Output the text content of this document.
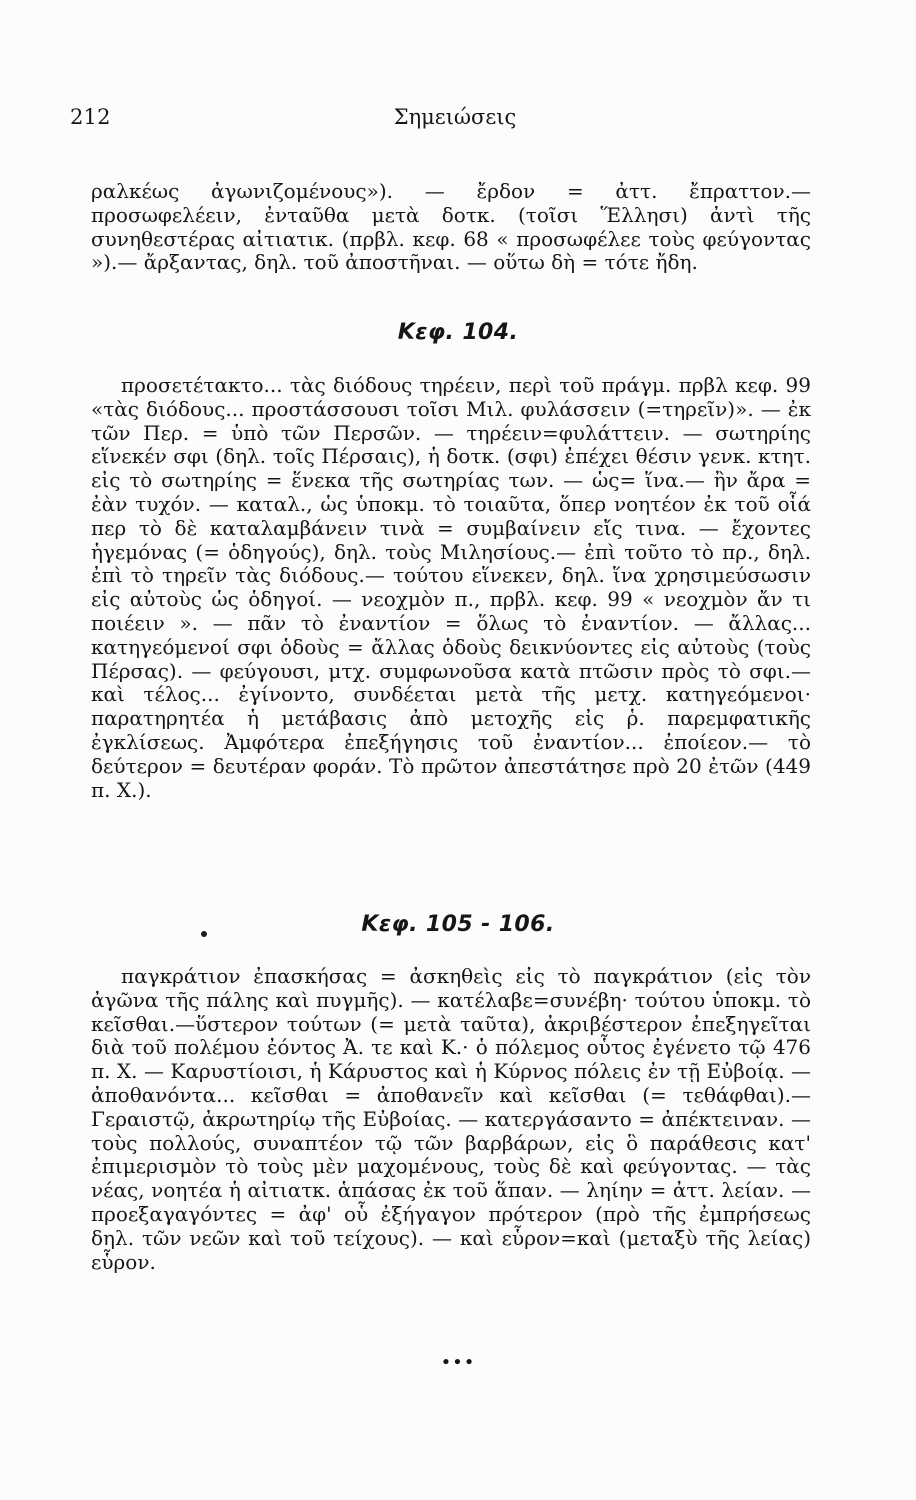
212	Σημειώσεις

ραλκέως ἀγωνιζομένους»). — ἔρδον = ἀττ. ἔπραττον.— προσωφελέειν, ἐνταῦθα μετὰ δοτκ. (τοῖσι Ἕλλησι) ἀντὶ τῆς συνηθεστέρας αἰτιατικ. (πρβλ. κεφ. 68 « προσωφέλεε τοὺς φεύγοντας »).— ἄρξαντας, δηλ. τοῦ ἀποστῆναι. — οὕτω δὴ = τότε ἤδη.

Κεφ. 104.

προσετέτακτο... τὰς διόδους τηρέειν, περὶ τοῦ πράγμ. πρβλ κεφ. 99 «τὰς διόδους... προστάσσουσι τοῖσι Μιλ. φυλάσσειν (=τηρεῖν)». — ἐκ τῶν Περ. = ὑπὸ τῶν Περσῶν. — τηρέειν=φυλάττειν. — σωτηρίης εἵνεκέν σφι (δηλ. τοῖς Πέρσαις), ἡ δοτκ. (σφι) ἐπέχει θέσιν γενκ. κτητ. εἰς τὸ σωτηρίης = ἕνεκα τῆς σωτηρίας των. — ὡς= ἵνα.— ἢν ἄρα = ἐὰν τυχόν. — καταλ., ὡς ὑποκμ. τὸ τοιαῦτα, ὅπερ νοητέον ἐκ τοῦ οἷά περ τὸ δὲ καταλαμβάνειν τινὰ = συμβαίνειν εἴς τινα. — ἔχοντες ἡγεμόνας (= ὁδηγούς), δηλ. τοὺς Μιλησίους.— ἐπὶ τοῦτο τὸ πρ., δηλ. ἐπὶ τὸ τηρεῖν τὰς διόδους.— τούτου εἵνεκεν, δηλ. ἵνα χρησιμεύσωσιν εἰς αὐτοὺς ὡς ὁδηγοί. — νεοχμὸν π., πρβλ. κεφ. 99 « νεοχμὸν ἄν τι ποιέειν ». — πᾶν τὸ ἐναντίον = ὅλως τὸ ἐναντίον. — ἄλλας... κατηγεόμενοί σφι ὁδοὺς = ἄλλας ὁδοὺς δεικνύοντες εἰς αὐτοὺς (τοὺς Πέρσας). — φεύγουσι, μτχ. συμφωνοῦσα κατὰ πτῶσιν πρὸς τὸ σφι.— καὶ τέλος... ἐγίνοντο, συνδέεται μετὰ τῆς μετχ. κατηγεόμενοι· παρατηρητέα ἡ μετάβασις ἀπὸ μετοχῆς εἰς ῥ. παρεμφατικῆς ἐγκλίσεως. Ἀμφότερα ἐπεξήγησις τοῦ ἐναντίον... ἐποίεον.— τὸ δεύτερον = δευτέραν φοράν. Τὸ πρῶτον ἀπεστάτησε πρὸ 20 ἐτῶν (449 π. Χ.).

Κεφ. 105 - 106.

παγκράτιον ἐπασκήσας = ἀσκηθεὶς εἰς τὸ παγκράτιον (εἰς τὸν ἀγῶνα τῆς πάλης καὶ πυγμῆς). — κατέλαβε=συνέβη· τούτου ὑποκμ. τὸ κεῖσθαι.—ὕστερον τούτων (= μετὰ ταῦτα), ἀκριβέστερον ἐπεξηγεῖται διὰ τοῦ πολέμου ἐόντος Ἀ. τε καὶ Κ.· ὁ πόλεμος οὗτος ἐγένετο τῷ 476 π. Χ. — Καρυστίοισι, ἡ Κάρυστος καὶ ἡ Κύρνος πόλεις ἐν τῇ Εὐβοίᾳ. — ἀποθανόντα... κεῖσθαι = ἀποθανεῖν καὶ κεῖσθαι (= τεθάφθαι).— Γεραιστῷ, ἀκρωτηρίῳ τῆς Εὐβοίας. — κατεργάσαντο = ἀπέκτειναν. — τοὺς πολλούς, συναπτέον τῷ τῶν βαρβάρων, εἰς ὃ παράθεσις κατ' ἐπιμερισμὸν τὸ τοὺς μὲν μαχομένους, τοὺς δὲ καὶ φεύγοντας. — τὰς νέας, νοητέα ἡ αἰτιατκ. ἁπάσας ἐκ τοῦ ἅπαν. — ληίην = ἀττ. λείαν. — προεξαγαγόντες = ἀφ' οὗ ἐξήγαγον πρότερον (πρὸ τῆς ἐμπρήσεως δηλ. τῶν νεῶν καὶ τοῦ τείχους). — καὶ εὗρον=καὶ (μεταξὺ τῆς λείας) εὗρον.

•••
